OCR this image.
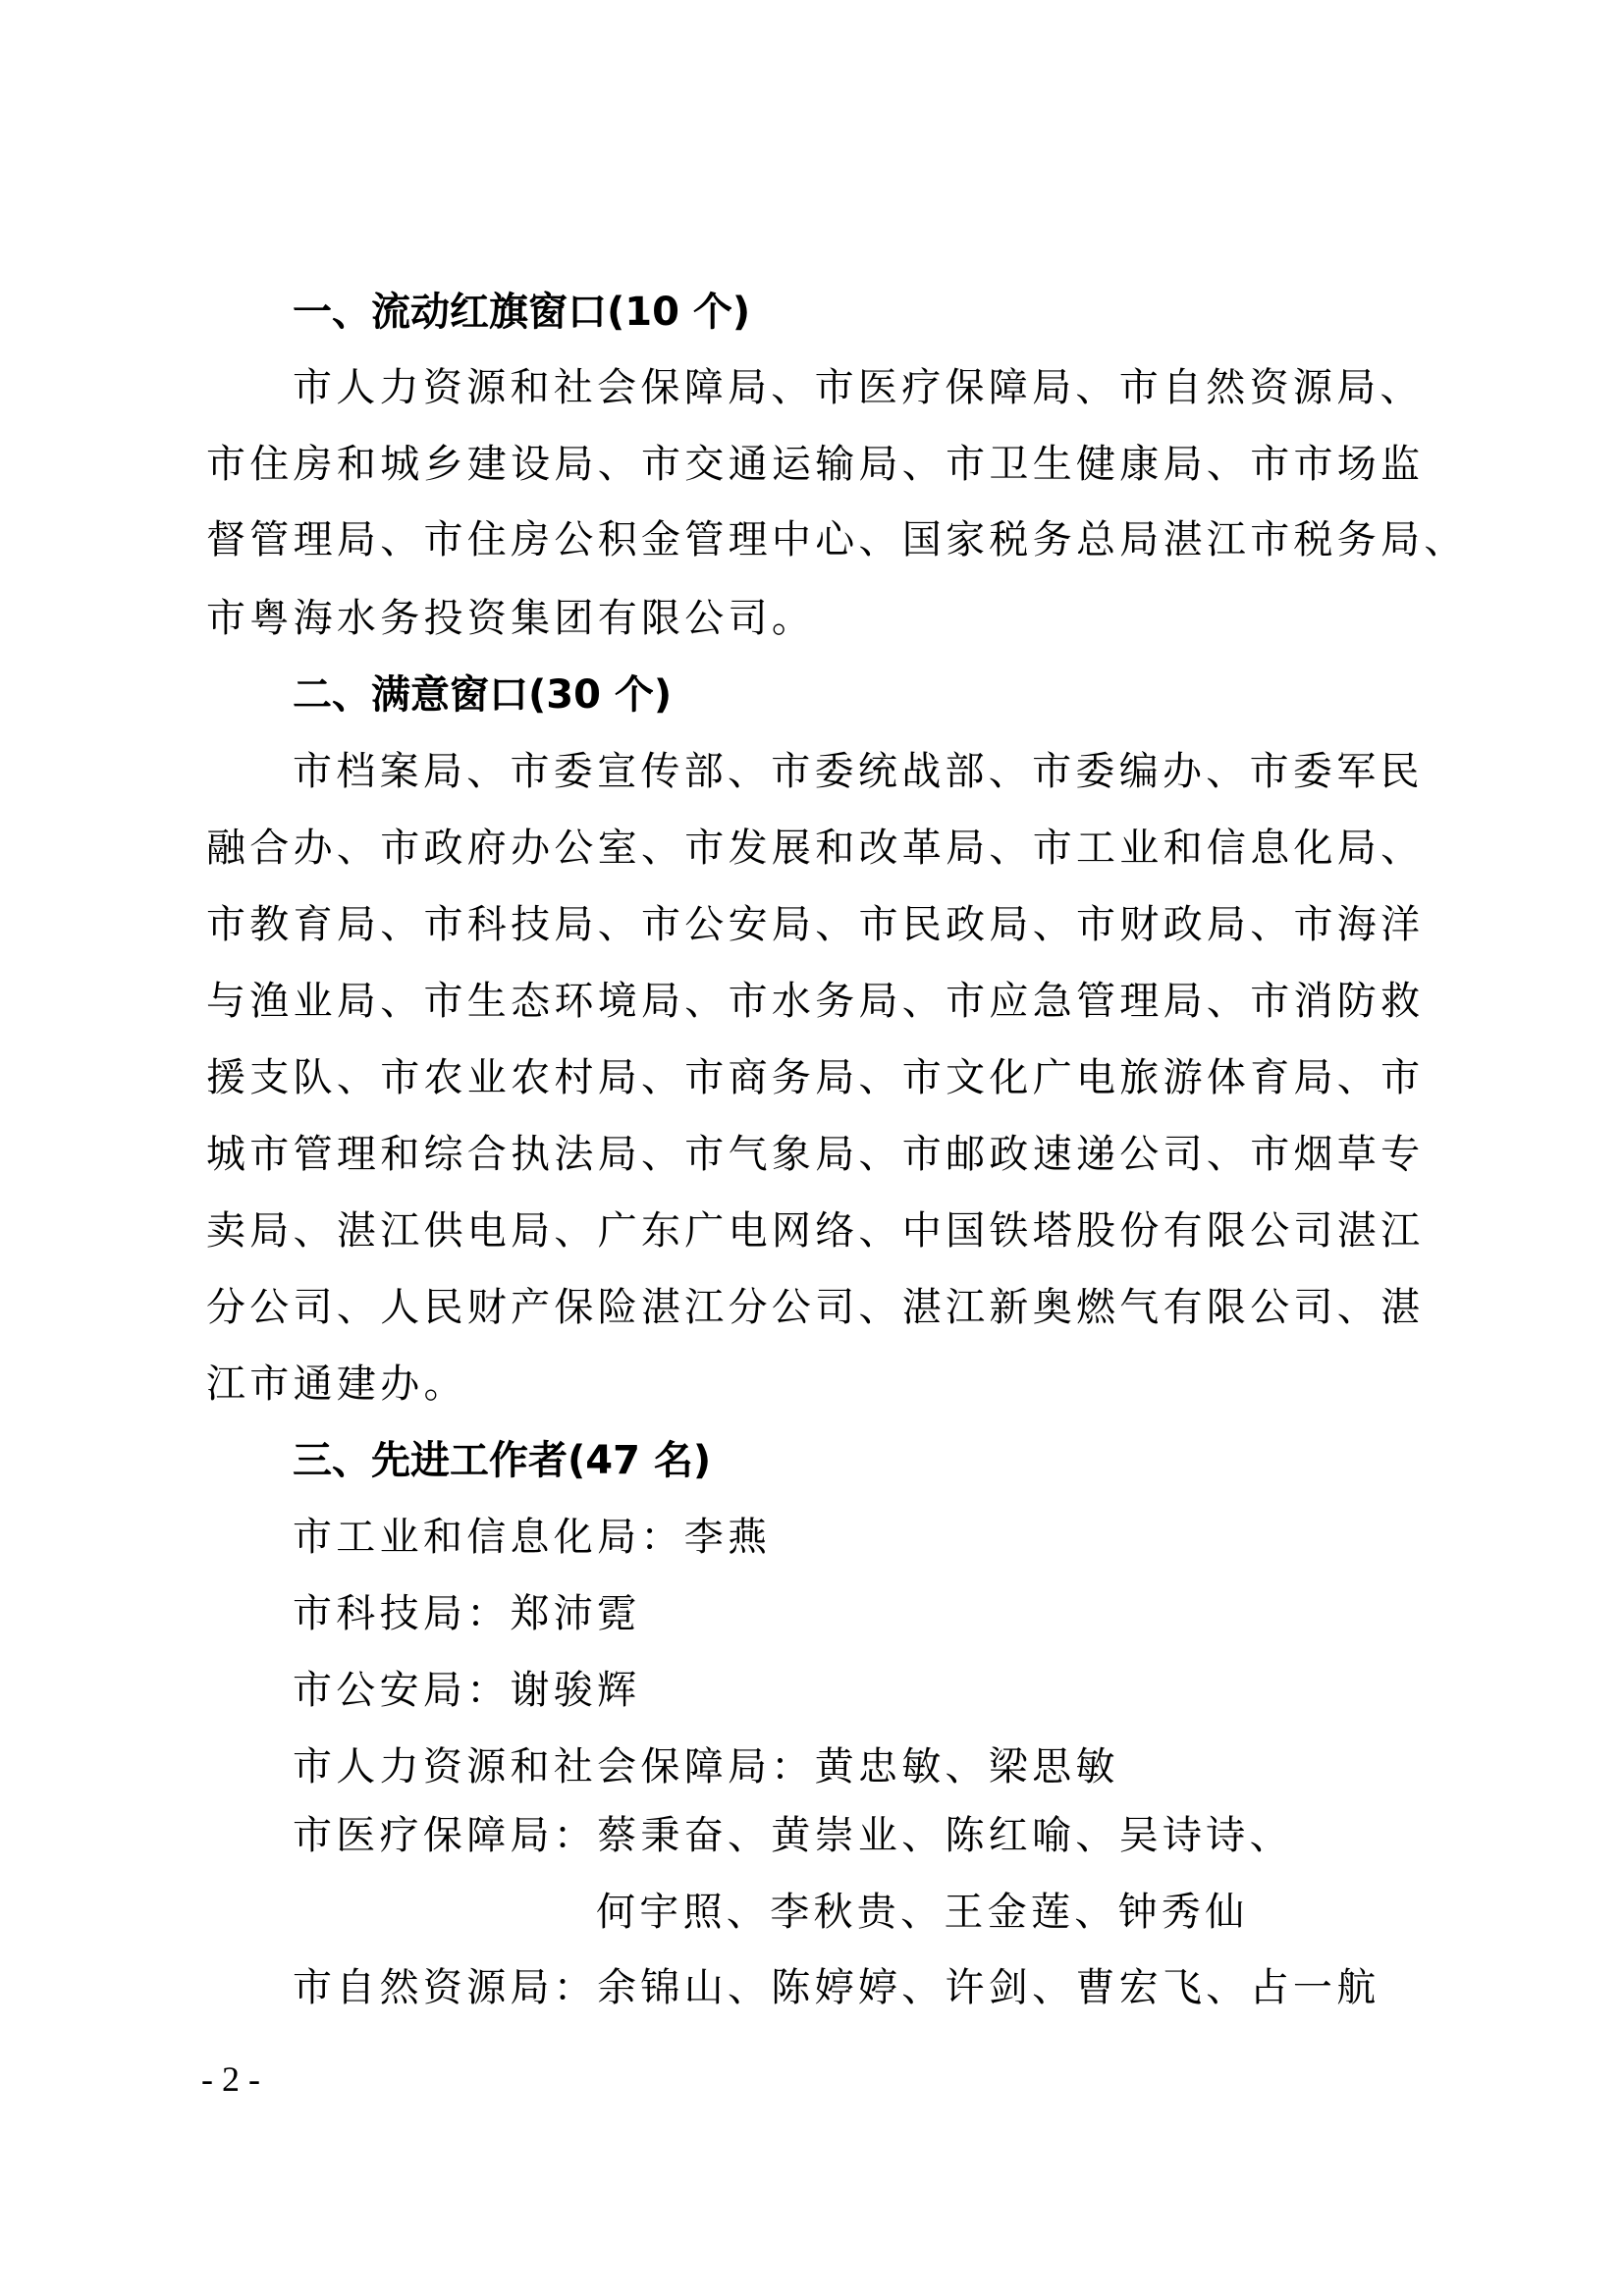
一、流动红旗窗口(10 个)
市人力资源和社会保障局、市医疗保障局、市自然资源局、
市住房和城乡建设局、市交通运输局、市卫生健康局、市市场监
督管理局、市住房公积金管理中心、国家税务总局湛江市税务局、
市粤海水务投资集团有限公司。
二、满意窗口(30 个)
市档案局、市委宣传部、市委统战部、市委编办、市委军民
融合办、市政府办公室、市发展和改革局、市工业和信息化局、
市教育局、市科技局、市公安局、市民政局、市财政局、市海洋
与渔业局、市生态环境局、市水务局、市应急管理局、市消防救
援支队、市农业农村局、市商务局、市文化广电旅游体育局、市
城市管理和综合执法局、市气象局、市邮政速递公司、市烟草专
卖局、湛江供电局、广东广电网络、中国铁塔股份有限公司湛江
分公司、人民财产保险湛江分公司、湛江新奥燃气有限公司、湛
江市通建办。
三、先进工作者(47 名)
市工业和信息化局：李燕
市科技局：郑沛霓
市公安局：谢骏辉
市人力资源和社会保障局：黄忠敏、梁思敏
市医疗保障局：蔡秉奋、黄崇业、陈红喻、吴诗诗、
何宇照、李秋贵、王金莲、钟秀仙
市自然资源局：余锦山、陈婷婷、许剑、曹宏飞、占一航
- 2 -
